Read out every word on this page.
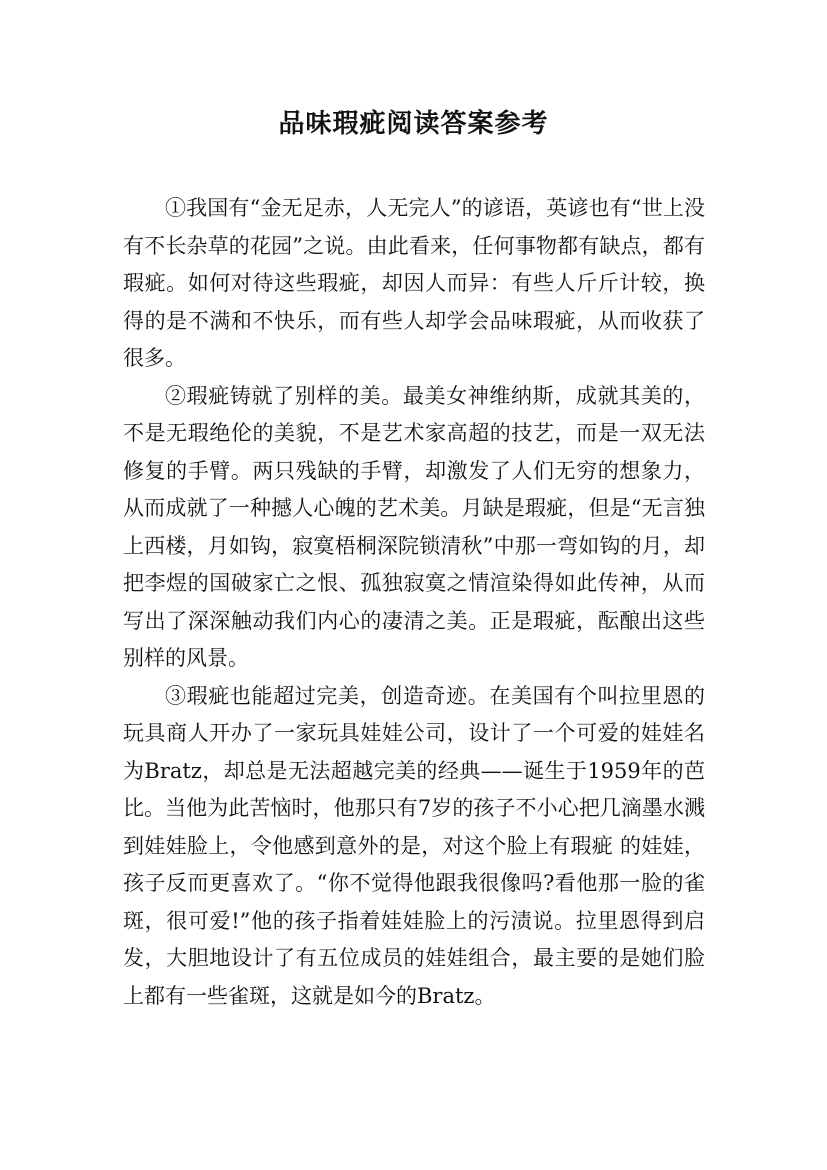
品味瑕疵阅读答案参考

①我国有“金无足赤，人无完人”的谚语，英谚也有“世上没有不长杂草的花园”之说。由此看来，任何事物都有缺点，都有瑕疵。如何对待这些瑕疵，却因人而异：有些人斤斤计较，换得的是不满和不快乐，而有些人却学会品味瑕疵，从而收获了很多。

②瑕疵铸就了别样的美。最美女神维纳斯，成就其美的，不是无瑕绝伦的美貌，不是艺术家高超的技艺，而是一双无法修复的手臂。两只残缺的手臂，却激发了人们无穷的想象力，从而成就了一种撼人心魄的艺术美。月缺是瑕疵，但是“无言独上西楼，月如钩，寂寞梧桐深院锁清秋”中那一弯如钩的月，却把李煜的国破家亡之恨、孤独寂寞之情渲染得如此传神，从而写出了深深触动我们内心的凄清之美。正是瑕疵，酝酿出这些别样的风景。

③瑕疵也能超过完美，创造奇迹。在美国有个叫拉里恩的玩具商人开办了一家玩具娃娃公司，设计了一个可爱的娃娃名为Bratz，却总是无法超越完美的经典——诞生于1959年的芭比。当他为此苦恼时，他那只有7岁的孩子不小心把几滴墨水溅到娃娃脸上，令他感到意外的是，对这个脸上有瑕疵 的娃娃，孩子反而更喜欢了。“你不觉得他跟我很像吗?看他那一脸的雀斑，很可爱!”他的孩子指着娃娃脸上的污渍说。拉里恩得到启发，大胆地设计了有五位成员的娃娃组合，最主要的是她们脸上都有一些雀斑，这就是如今的Bratz。
